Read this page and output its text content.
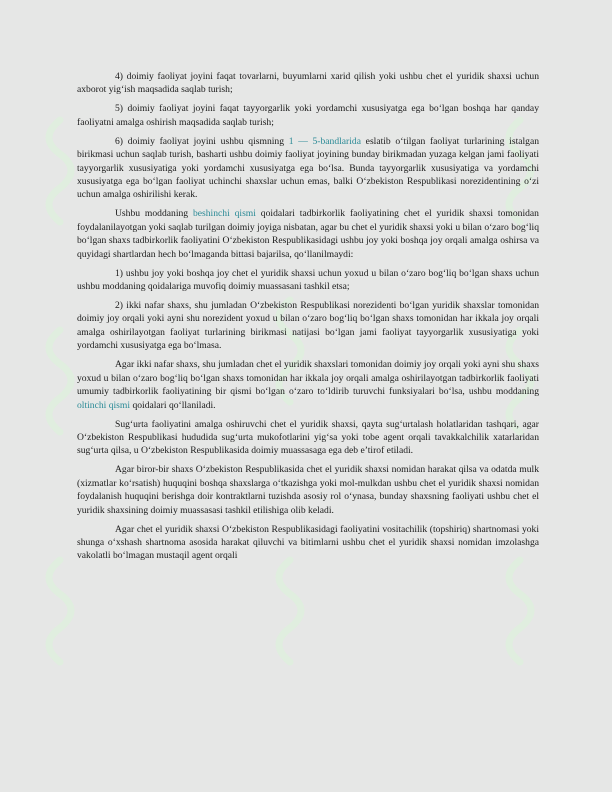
4) doimiy faoliyat joyini faqat tovarlarni, buyumlarni xarid qilish yoki ushbu chet el yuridik shaxsi uchun axborot yig‘ish maqsadida saqlab turish;

5) doimiy faoliyat joyini faqat tayyorgarlik yoki yordamchi xususiyatga ega bo‘lgan boshqa har qanday faoliyatni amalga oshirish maqsadida saqlab turish;

6) doimiy faoliyat joyini ushbu qismning 1 — 5-bandlarida eslatib o‘tilgan faoliyat turlarining istalgan birikmasi uchun saqlab turish, basharti ushbu doimiy faoliyat joyining bunday birikmadan yuzaga kelgan jami faoliyati tayyorgarlik xususiyatiga yoki yordamchi xususiyatga ega bo‘lsa. Bunda tayyorgarlik xususiyatiga va yordamchi xususiyatga ega bo‘lgan faoliyat uchinchi shaxslar uchun emas, balki O‘zbekiston Respublikasi norezidentining o‘zi uchun amalga oshirilishi kerak.

Ushbu moddaning beshinchi qismi qoidalari tadbirkorlik faoliyatining chet el yuridik shaxsi tomonidan foydalanilayotgan yoki saqlab turilgan doimiy joyiga nisbatan, agar bu chet el yuridik shaxsi yoki u bilan o‘zaro bog‘liq bo‘lgan shaxs tadbirkorlik faoliyatini O‘zbekiston Respublikasidagi ushbu joy yoki boshqa joy orqali amalga oshirsa va quyidagi shartlardan hech bo‘lmaganda bittasi bajarilsa, qo‘llanilmaydi:

1) ushbu joy yoki boshqa joy chet el yuridik shaxsi uchun yoxud u bilan o‘zaro bog‘liq bo‘lgan shaxs uchun ushbu moddaning qoidalariga muvofiq doimiy muassasani tashkil etsa;

2) ikki nafar shaxs, shu jumladan O‘zbekiston Respublikasi norezidenti bo‘lgan yuridik shaxslar tomonidan doimiy joy orqali yoki ayni shu norezident yoxud u bilan o‘zaro bog‘liq bo‘lgan shaxs tomonidan har ikkala joy orqali amalga oshirilayotgan faoliyat turlarining birikmasi natijasi bo‘lgan jami faoliyat tayyorgarlik xususiyatiga yoki yordamchi xususiyatga ega bo‘lmasa.

Agar ikki nafar shaxs, shu jumladan chet el yuridik shaxslari tomonidan doimiy joy orqali yoki ayni shu shaxs yoxud u bilan o‘zaro bog‘liq bo‘lgan shaxs tomonidan har ikkala joy orqali amalga oshirilayotgan tadbirkorlik faoliyati umumiy tadbirkorlik faoliyatining bir qismi bo‘lgan o‘zaro to‘ldirib turuvchi funksiyalari bo‘lsa, ushbu moddaning oltinchi qismi qoidalari qo‘llaniladi.

Sug‘urta faoliyatini amalga oshiruvchi chet el yuridik shaxsi, qayta sug‘urtalash holatlaridan tashqari, agar O‘zbekiston Respublikasi hududida sug‘urta mukofotlarini yig‘sa yoki tobe agent orqali tavakkalchilik xatarlaridan sug‘urta qilsa, u O‘zbekiston Respublikasida doimiy muassasaga ega deb e’tirof etiladi.

Agar biror-bir shaxs O‘zbekiston Respublikasida chet el yuridik shaxsi nomidan harakat qilsa va odatda mulk (xizmatlar ko‘rsatish) huquqini boshqa shaxslarga o‘tkazishga yoki mol-mulkdan ushbu chet el yuridik shaxsi nomidan foydalanish huquqini berishga doir kontraktlarni tuzishda asosiy rol o‘ynasa, bunday shaxsning faoliyati ushbu chet el yuridik shaxsining doimiy muassasasi tashkil etilishiga olib keladi.

Agar chet el yuridik shaxsi O‘zbekiston Respublikasidagi faoliyatini vositachilik (topshiriq) shartnomasi yoki shunga o‘xshash shartnoma asosida harakat qiluvchi va bitimlarni ushbu chet el yuridik shaxsi nomidan imzolashga vakolatli bo‘lmagan mustaqil agent orqali
